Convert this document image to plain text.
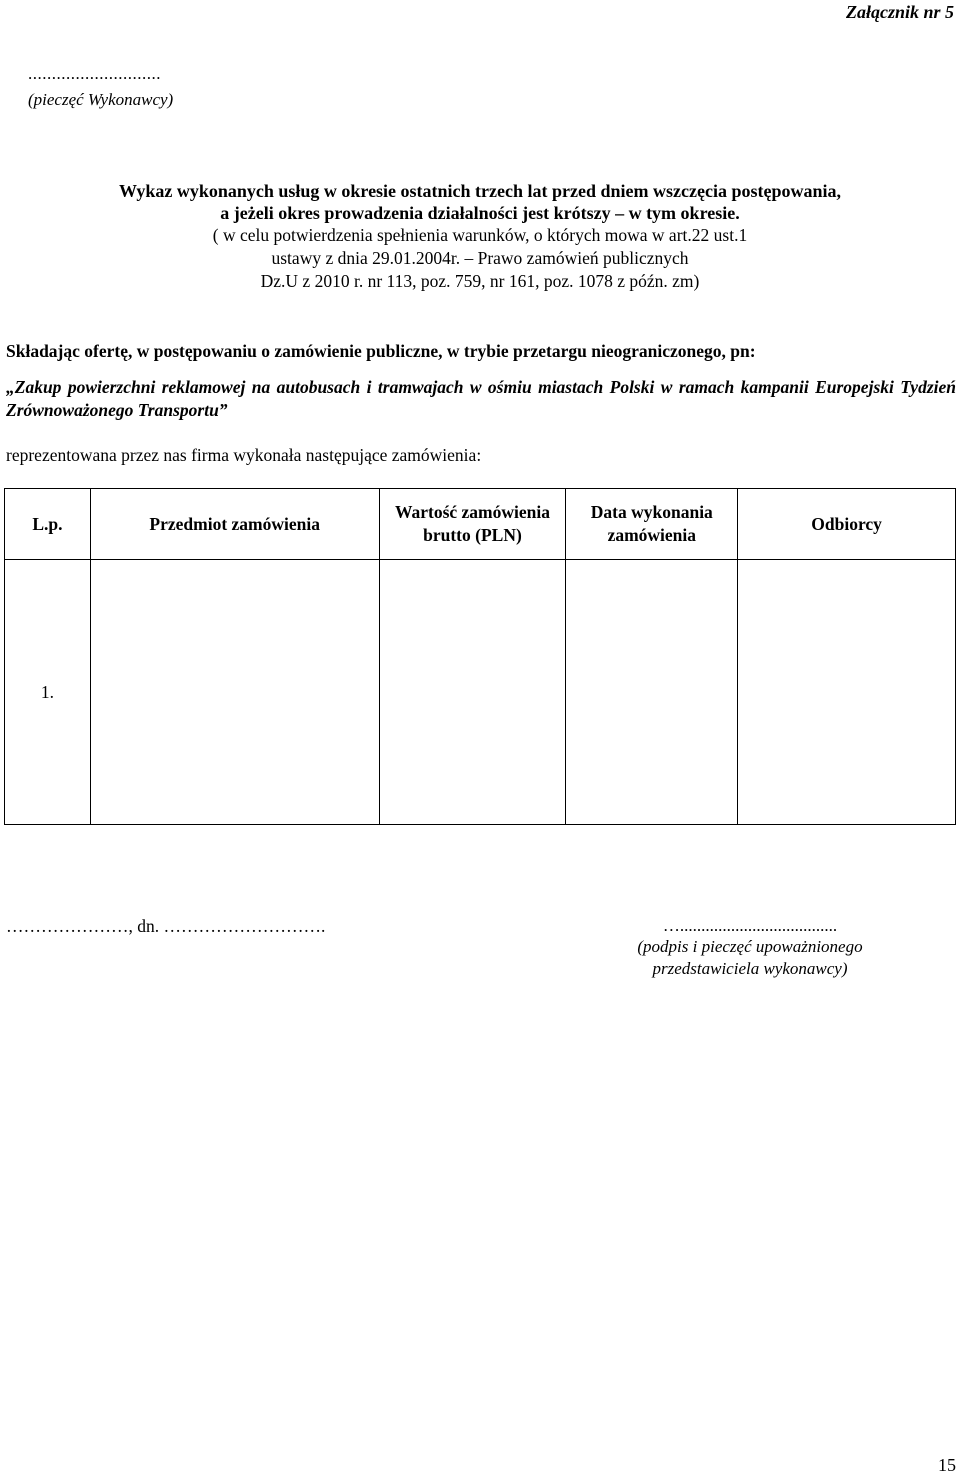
Załącznik nr 5
............................
(pieczęć Wykonawcy)
Wykaz wykonanych usług w okresie ostatnich trzech lat przed dniem wszczęcia postępowania,
a jeżeli okres prowadzenia działalności jest krótszy – w tym okresie.
( w celu potwierdzenia spełnienia warunków, o których mowa w art.22 ust.1
ustawy z dnia 29.01.2004r. – Prawo zamówień publicznych
Dz.U z 2010 r. nr 113, poz. 759, nr 161, poz. 1078 z późn. zm)
Składając ofertę, w postępowaniu o zamówienie publiczne, w trybie przetargu nieograniczonego, pn:
„Zakup powierzchni reklamowej na autobusach i tramwajach w ośmiu miastach Polski w ramach kampanii Europejski Tydzień Zrównoważonego Transportu”
reprezentowana przez nas firma wykonała następujące zamówienia:
L.p.	Przedmiot zamówienia	Wartość zamówienia brutto (PLN)	Data wykonania zamówienia	Odbiorcy
1.				
…………………, dn. ……………………….	….....................................
(podpis i pieczęć upoważnionego
przedstawiciela wykonawcy)
15
